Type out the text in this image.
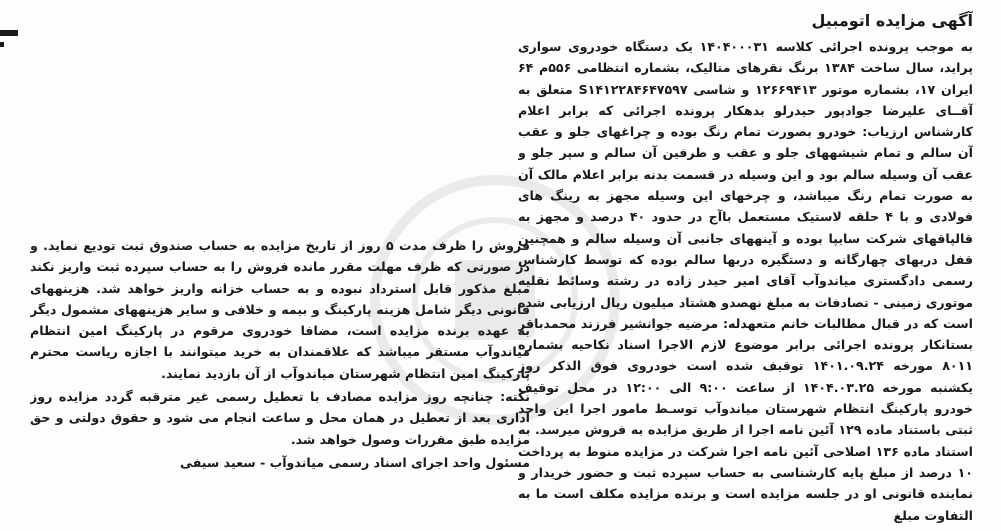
آگهی مزایده اتومبیل

به موجب پرونده اجرائی کلاسه ۱۴۰۴۰۰۰۳۱ یک دستگاه خودروی سواری پراید، سال ساخت ۱۳۸۴ برنگ نقرهای متالیک، بشماره انتظامی ۵۵۶م ۶۴ ایران ۱۷، بشماره موتور ۱۲۶۶۹۴۱۳ و شاسی S۱۴۱۲۲۸۴۶۴۷۵۹۷ متعلق به آقــای علیرضا جوادپور حیدرلو بدهکار پرونده اجرائی که برابر اعلام کارشناس ارزیاب: خودرو بصورت تمام رنگ بوده و چراغهای جلو و عقب آن سالم و تمام شیشههای جلو و عقب و طرفین آن سالم و سپر جلو و عقب آن وسیله سالم بود و این وسیله در قسمت بدنه برابر اعلام مالک آن به صورت تمام رنگ میباشد، و چرخهای این وسیله مجهز به رینگ های فولادی و با ۴ حلقه لاستیک مستعمل باآج در حدود ۴۰ درصد و مجهز به قالپاقهای شرکت سایپا بوده و آینههای جانبی آن وسیله سالم و همچنین قفل دربهای چهارگانه و دستگیره دربها سالم بوده که توسط کارشناس رسمی دادگستری میاندوآب آقای امیر حیدر زاده در رشته وسائط نقلیه موتوری زمینی - تصادفات به مبلغ نهصدو هشتاد میلیون ریال ارزیابی شده است که در قبال مطالبات خانم متعهدله: مرضیه جوانشیر فرزند محمدباقر بستانکار پرونده اجرائی برابر موضوع لازم الاجرا اسناد نکاحیه بشماره ۸۰۱۱ مورخه ۱۴۰۱.۰۹.۲۴ توقیف شده است خودروی فوق الذکر روز یکشنبه مورخه ۱۴۰۴.۰۳.۲۵ از ساعت ۹:۰۰ الی ۱۲:۰۰ در محل توقیف خودرو پارکینگ انتظام شهرستان میاندوآب توسـط مامور اجرا این واحد ثبتی باستناد ماده ۱۲۹ آئین نامه اجرا از طریق مزایده به فروش میرسد. به استناد ماده ۱۳۶ اصلاحی آئین نامه اجرا شرکت در مزایده منوط به پرداخت ۱۰ درصد از مبلغ پایه کارشناسی به حساب سپرده ثبت و حضور خریدار و نماینده قانونی او در جلسه مزایده است و برنده مزایده مکلف است ما به التفاوت مبلغ

فروش را ظرف مدت ۵ روز از تاریخ مزایده به حساب صندوق ثبت تودیع نماید. و در صورتی که ظرف مهلت مقرر مانده فروش را به حساب سپرده ثبت واریز نکند مبلغ مذکور قابل استرداد نبوده و به حساب خزانه واریز خواهد شد. هزینههای قانونی دیگر شامل هزینه پارکینگ و بیمه و خلافی و سایر هزینههای مشمول دیگر به عهده برنده مزایده است، مضافا خودروی مرقوم در پارکینگ امین انتظام میاندوآب مستقر میباشد که علاقمندان به خرید میتوانند با اجازه ریاست محترم پارکینگ امین انتظام شهرستان میاندوآب از آن بازدید نمایند.

نکته: چنانچه روز مزایده مصادف با تعطیل رسمی غیر مترقبه گردد مزایده روز اداری بعد از تعطیل در همان محل و ساعت انجام می شود و حقوق دولتی و حق مزایده طبق مقررات وصول خواهد شد.

مسئول واحد اجرای اسناد رسمی میاندوآب - سعید سیفی
